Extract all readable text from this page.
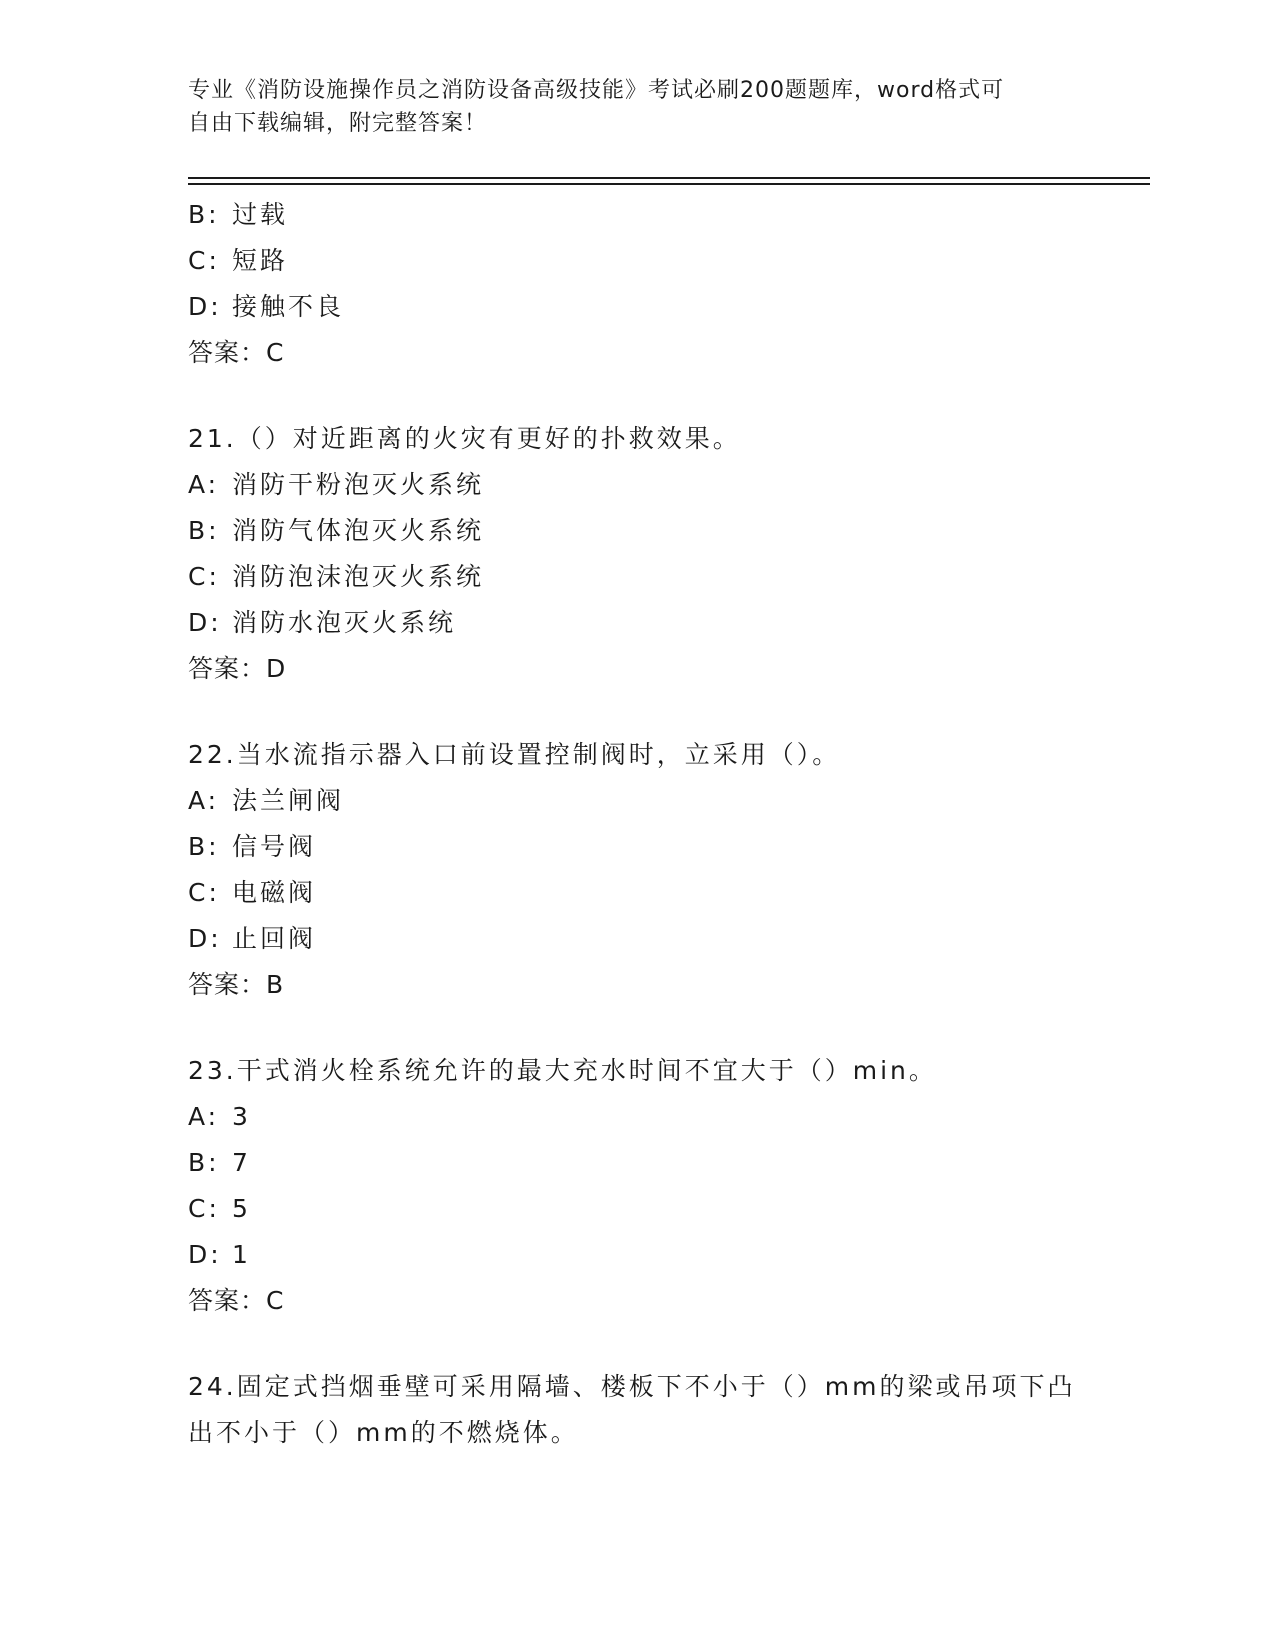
专业《消防设施操作员之消防设备高级技能》考试必刷200题题库，word格式可
自由下载编辑，附完整答案！
B: 过载
C: 短路
D: 接触不良
答案：C
21.（）对近距离的火灾有更好的扑救效果。
A: 消防干粉泡灭火系统
B: 消防气体泡灭火系统
C: 消防泡沫泡灭火系统
D: 消防水泡灭火系统
答案：D
22.当水流指示器入口前设置控制阀时，立采用（）。
A: 法兰闸阀
B: 信号阀
C: 电磁阀
D: 止回阀
答案：B
23.干式消火栓系统允许的最大充水时间不宜大于（）min。
A: 3
B: 7
C: 5
D: 1
答案：C
24.固定式挡烟垂壁可采用隔墙、楼板下不小于（）mm的梁或吊项下凸
出不小于（）mm的不燃烧体。
